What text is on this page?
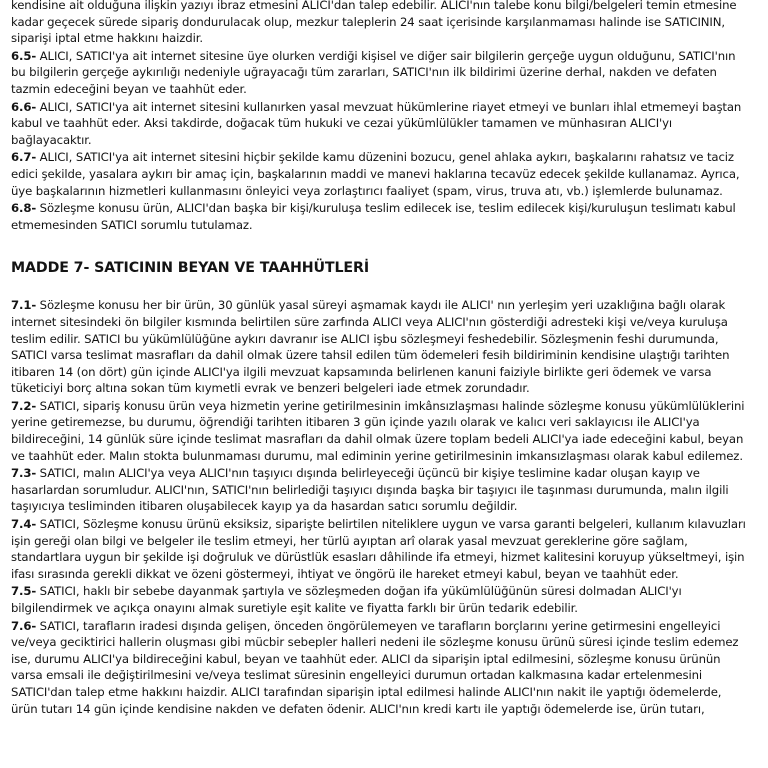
kendisine ait olduğuna ilişkin yazıyı ibraz etmesini ALICI'dan talep edebilir. ALICI'nın talebe konu bilgi/belgeleri temin etmesine
kadar geçecek sürede sipariş dondurulacak olup, mezkur taleplerin 24 saat içerisinde karşılanmaması halinde ise SATICININ,
siparişi iptal etme hakkını haizdir.

6.5- ALICI, SATICI'ya ait internet sitesine üye olurken verdiği kişisel ve diğer sair bilgilerin gerçeğe uygun olduğunu, SATICI'nın
bu bilgilerin gerçeğe aykırılığı nedeniyle uğrayacağı tüm zararları, SATICI'nın ilk bildirimi üzerine derhal, nakden ve defaten
tazmin edeceğini beyan ve taahhüt eder.

6.6- ALICI, SATICI'ya ait internet sitesini kullanırken yasal mevzuat hükümlerine riayet etmeyi ve bunları ihlal etmemeyi baştan
kabul ve taahhüt eder. Aksi takdirde, doğacak tüm hukuki ve cezai yükümlülükler tamamen ve münhasıran ALICI'yı
bağlayacaktır.

6.7- ALICI, SATICI'ya ait internet sitesini hiçbir şekilde kamu düzenini bozucu, genel ahlaka aykırı, başkalarını rahatsız ve taciz
edici şekilde, yasalara aykırı bir amaç için, başkalarının maddi ve manevi haklarına tecavüz edecek şekilde kullanamaz. Ayrıca,
üye başkalarının hizmetleri kullanmasını önleyici veya zorlaştırıcı faaliyet (spam, virus, truva atı, vb.) işlemlerde bulunamaz.

6.8- Sözleşme konusu ürün, ALICI'dan başka bir kişi/kuruluşa teslim edilecek ise, teslim edilecek kişi/kuruluşun teslimatı kabul
etmemesinden SATICI sorumlu tutulamaz.

MADDE 7- SATICININ BEYAN VE TAAHHÜTLERİ

7.1- Sözleşme konusu her bir ürün, 30 günlük yasal süreyi aşmamak kaydı ile ALICI' nın yerleşim yeri uzaklığına bağlı olarak
internet sitesindeki ön bilgiler kısmında belirtilen süre zarfında ALICI veya ALICI'nın gösterdiği adresteki kişi ve/veya kuruluşa
teslim edilir. SATICI bu yükümlülüğüne aykırı davranır ise ALICI işbu sözleşmeyi feshedebilir. Sözleşmenin feshi durumunda,
SATICI varsa teslimat masrafları da dahil olmak üzere tahsil edilen tüm ödemeleri fesih bildiriminin kendisine ulaştığı tarihten
itibaren 14 (on dört) gün içinde ALICI'ya ilgili mevzuat kapsamında belirlenen kanuni faiziyle birlikte geri ödemek ve varsa
tüketiciyi borç altına sokan tüm kıymetli evrak ve benzeri belgeleri iade etmek zorundadır.

7.2- SATICI, sipariş konusu ürün veya hizmetin yerine getirilmesinin imkânsızlaşması halinde sözleşme konusu yükümlülüklerini
yerine getiremezse, bu durumu, öğrendiği tarihten itibaren 3 gün içinde yazılı olarak ve kalıcı veri saklayıcısı ile ALICI'ya
bildireceğini, 14 günlük süre içinde teslimat masrafları da dahil olmak üzere toplam bedeli ALICI'ya iade edeceğini kabul, beyan
ve taahhüt eder. Malın stokta bulunmaması durumu, mal ediminin yerine getirilmesinin imkansızlaşması olarak kabul edilemez.

7.3- SATICI, malın ALICI'ya veya ALICI'nın taşıyıcı dışında belirleyeceği üçüncü bir kişiye teslimine kadar oluşan kayıp ve
hasarlardan sorumludur. ALICI'nın, SATICI'nın belirlediği taşıyıcı dışında başka bir taşıyıcı ile taşınması durumunda, malın ilgili
taşıyıcıya tesliminden itibaren oluşabilecek kayıp ya da hasardan satıcı sorumlu değildir.

7.4- SATICI, Sözleşme konusu ürünü eksiksiz, siparişte belirtilen niteliklere uygun ve varsa garanti belgeleri, kullanım kılavuzları
işin gereği olan bilgi ve belgeler ile teslim etmeyi, her türlü ayıptan arî olarak yasal mevzuat gereklerine göre sağlam,
standartlara uygun bir şekilde işi doğruluk ve dürüstlük esasları dâhilinde ifa etmeyi, hizmet kalitesini koruyup yükseltmeyi, işin
ifası sırasında gerekli dikkat ve özeni göstermeyi, ihtiyat ve öngörü ile hareket etmeyi kabul, beyan ve taahhüt eder.

7.5- SATICI, haklı bir sebebe dayanmak şartıyla ve sözleşmeden doğan ifa yükümlülüğünün süresi dolmadan ALICI'yı
bilgilendirmek ve açıkça onayını almak suretiyle eşit kalite ve fiyatta farklı bir ürün tedarik edebilir.

7.6- SATICI, tarafların iradesi dışında gelişen, önceden öngörülemeyen ve tarafların borçlarını yerine getirmesini engelleyici
ve/veya geciktirici hallerin oluşması gibi mücbir sebepler halleri nedeni ile sözleşme konusu ürünü süresi içinde teslim edemez
ise, durumu ALICI'ya bildireceğini kabul, beyan ve taahhüt eder. ALICI da siparişin iptal edilmesini, sözleşme konusu ürünün
varsa emsali ile değiştirilmesini ve/veya teslimat süresinin engelleyici durumun ortadan kalkmasına kadar ertelenmesini
SATICI'dan talep etme hakkını haizdir. ALICI tarafından siparişin iptal edilmesi halinde ALICI'nın nakit ile yaptığı ödemelerde,
ürün tutarı 14 gün içinde kendisine nakden ve defaten ödenir. ALICI'nın kredi kartı ile yaptığı ödemelerde ise, ürün tutarı,
